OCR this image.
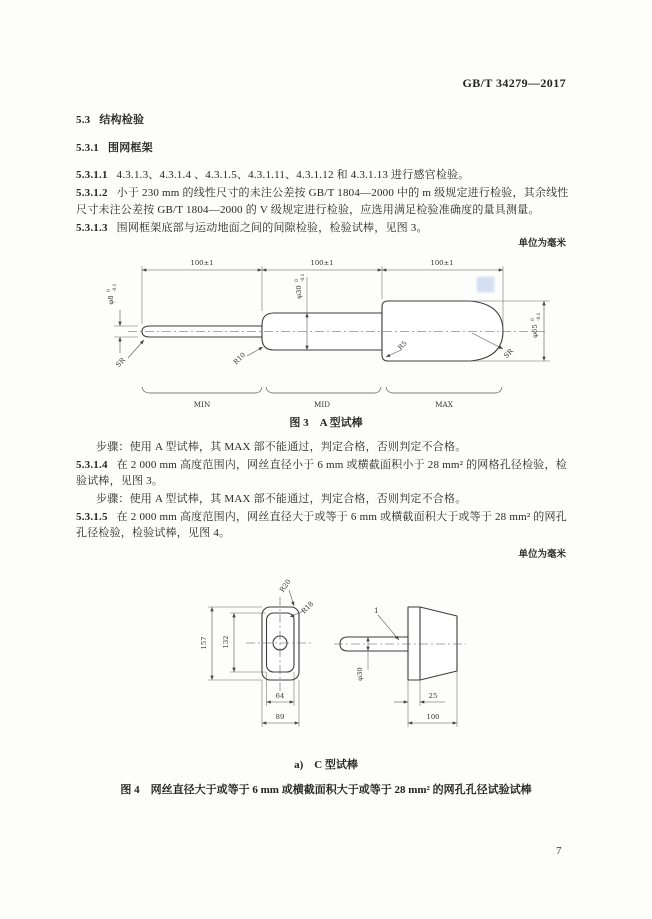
GB/T 34279—2017
5.3 结构检验
5.3.1 围网框架
5.3.1.1 4.3.1.3、4.3.1.4 、4.3.1.5、4.3.1.11、4.3.1.12 和 4.3.1.13 进行感官检验。
5.3.1.2 小于 230 mm 的线性尺寸的未注公差按 GB/T 1804—2000 中的 m 级规定进行检验，其余线性
尺寸未注公差按 GB/T 1804—2000 的 V 级规定进行检验，应选用满足检验准确度的量具测量。
5.3.1.3 围网框架底部与运动地面之间的间隙检验，检验试棒，见图 3。
单位为毫米
100±1	100±1	100±1
φ8
0 -0.1	φ30
0 -0.1
φ65
0 -0.1
SR	R10
R5
SR
MIN	MID	MAX
图 3　A 型试棒
步骤：使用 A 型试棒，其 MAX 部不能通过，判定合格，否则判定不合格。
5.3.1.4 在 2 000 mm 高度范围内，网丝直径小于 6 mm 或横截面积小于 28 mm² 的网格孔径检验，检
验试棒，见图 3。
步骤：使用 A 型试棒，其 MAX 部不能通过，判定合格，否则判定不合格。
5.3.1.5 在 2 000 mm 高度范围内，网丝直径大于或等于 6 mm 或横截面积大于或等于 28 mm² 的网孔
孔径检验，检验试棒，见图 4。
单位为毫米
157 132
64
89
R20
R18
φ30
1
25
100
a)　C 型试棒
图 4　网丝直径大于或等于 6 mm 或横截面积大于或等于 28 mm² 的网孔孔径试验试棒
7
